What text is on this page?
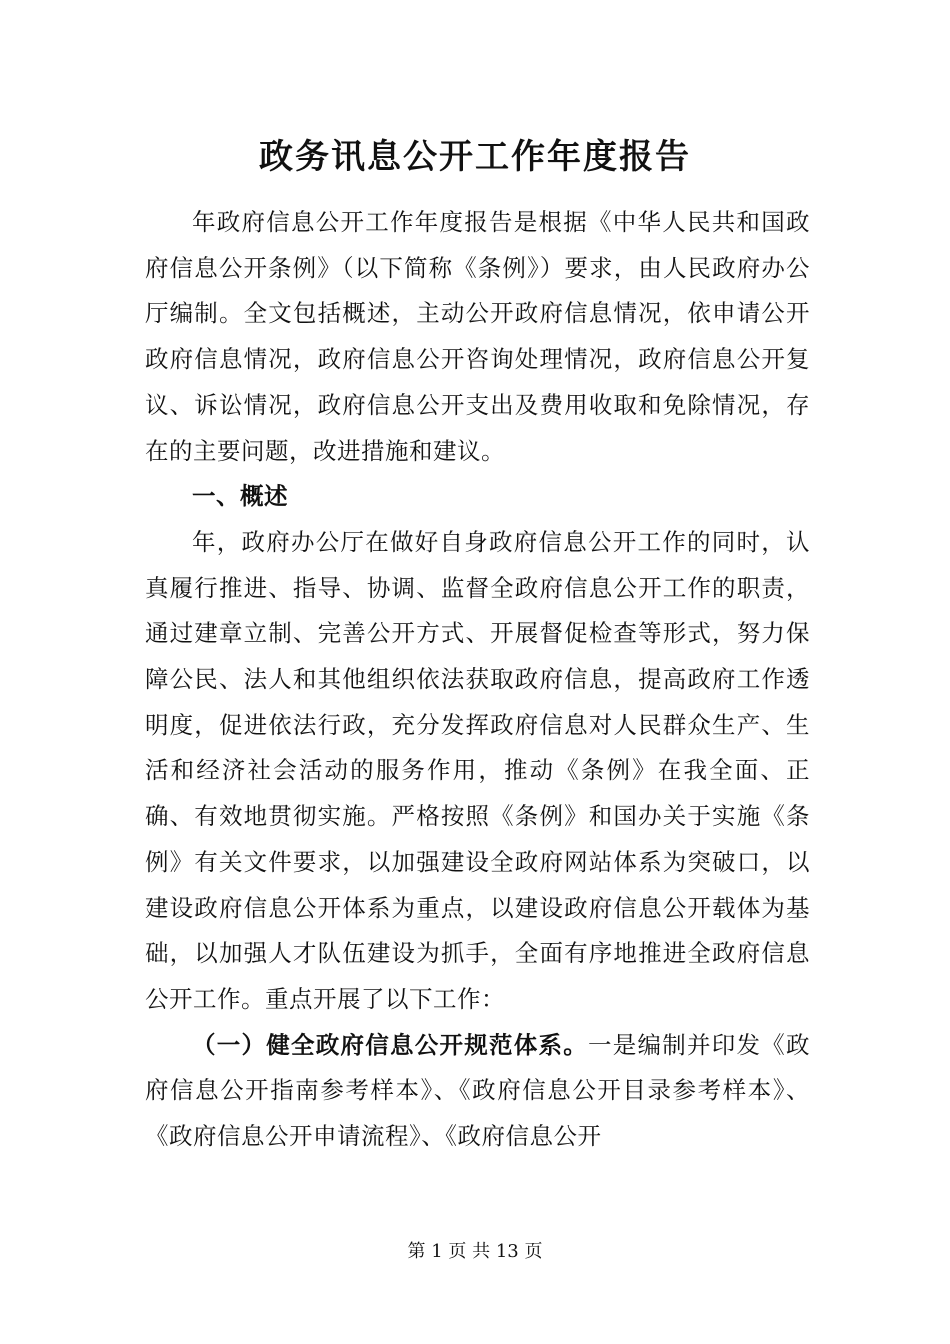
政务讯息公开工作年度报告

年政府信息公开工作年度报告是根据《中华人民共和国政府信息公开条例》（以下简称《条例》）要求，由人民政府办公厅编制。全文包括概述，主动公开政府信息情况，依申请公开政府信息情况，政府信息公开咨询处理情况，政府信息公开复议、诉讼情况，政府信息公开支出及费用收取和免除情况，存在的主要问题，改进措施和建议。

一、概述

年，政府办公厅在做好自身政府信息公开工作的同时，认真履行推进、指导、协调、监督全政府信息公开工作的职责，通过建章立制、完善公开方式、开展督促检查等形式，努力保障公民、法人和其他组织依法获取政府信息，提高政府工作透明度，促进依法行政，充分发挥政府信息对人民群众生产、生活和经济社会活动的服务作用，推动《条例》在我全面、正确、有效地贯彻实施。严格按照《条例》和国办关于实施《条例》有关文件要求，以加强建设全政府网站体系为突破口，以建设政府信息公开体系为重点，以建设政府信息公开载体为基础，以加强人才队伍建设为抓手，全面有序地推进全政府信息公开工作。重点开展了以下工作：

（一）健全政府信息公开规范体系。一是编制并印发《政府信息公开指南参考样本》、《政府信息公开目录参考样本》、《政府信息公开申请流程》、《政府信息公开

第 1 页 共 13 页
